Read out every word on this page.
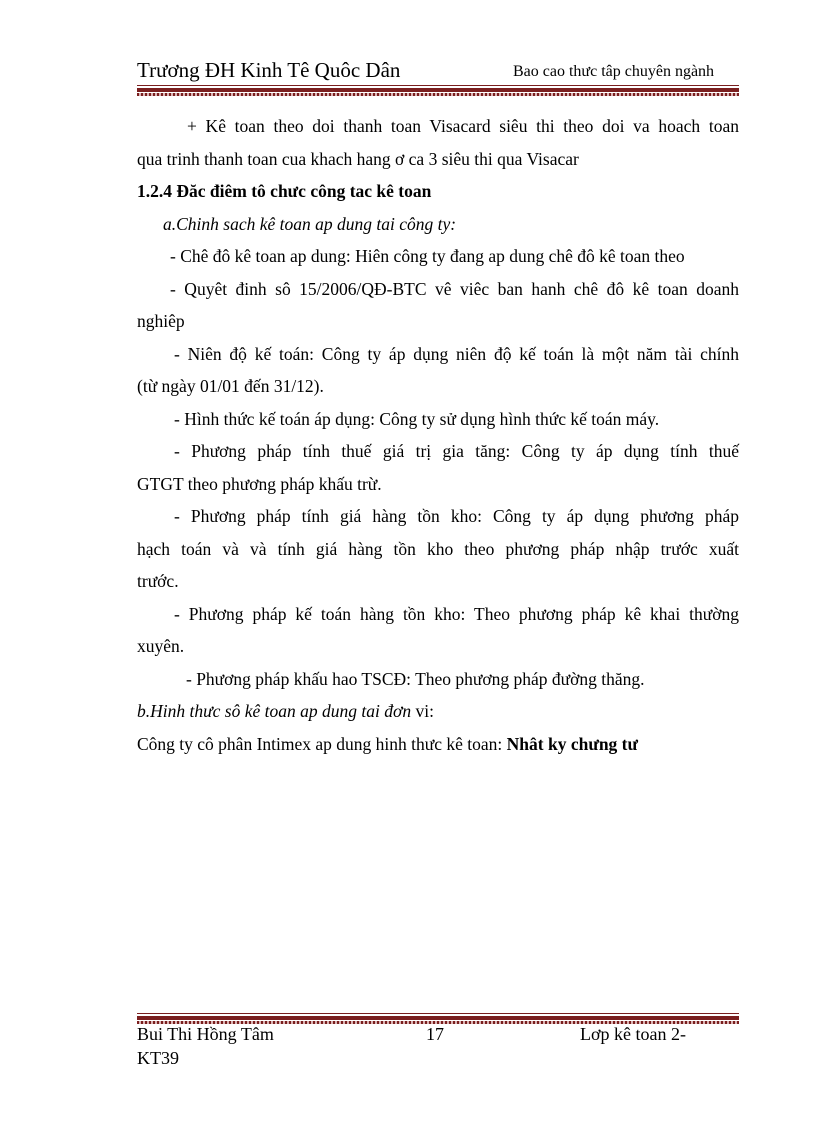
Trương ĐH Kinh Tê Quôc Dân	Bao cao thưc tâp chuyên ngành
+ Kê toan theo doi thanh toan Visacard siêu thi theo doi va hoach toan
qua trinh thanh toan cua khach hang ơ ca 3 siêu thi qua Visacar
1.2.4 Đăc điêm tô chưc công tac kê toan
a.Chinh sach kê toan ap dung tai công ty:
- Chê đô kê toan ap dung: Hiên công ty đang ap dung chê đô kê toan theo
- Quyêt đinh sô 15/2006/QĐ-BTC vê viêc ban hanh chê đô kê toan doanh
nghiêp
- Niên độ kế toán: Công ty áp dụng niên độ kế toán là một năm tài chính
(từ ngày 01/01 đến 31/12).
- Hình thức kế toán áp dụng: Công ty sử dụng hình thức kế toán máy.
- Phương pháp tính thuế giá trị gia tăng: Công ty áp dụng tính thuế
GTGT theo phương pháp khấu trừ.
- Phương pháp tính giá hàng tồn kho: Công ty áp dụng phương pháp
hạch toán và và tính giá hàng tồn kho theo phương pháp nhập trước xuất
trước.
- Phương pháp kế toán hàng tồn kho: Theo phương pháp kê khai thường
xuyên.
- Phương pháp khấu hao TSCĐ: Theo phương pháp đường thăng.
b.Hinh thưc sô kê toan ap dung tai đơn vi:
Công ty cô phân Intimex ap dung hinh thưc kê toan: Nhât ky chưng tư
Bui Thi Hồng Tâm
KT39
17	Lơp kê toan 2-
